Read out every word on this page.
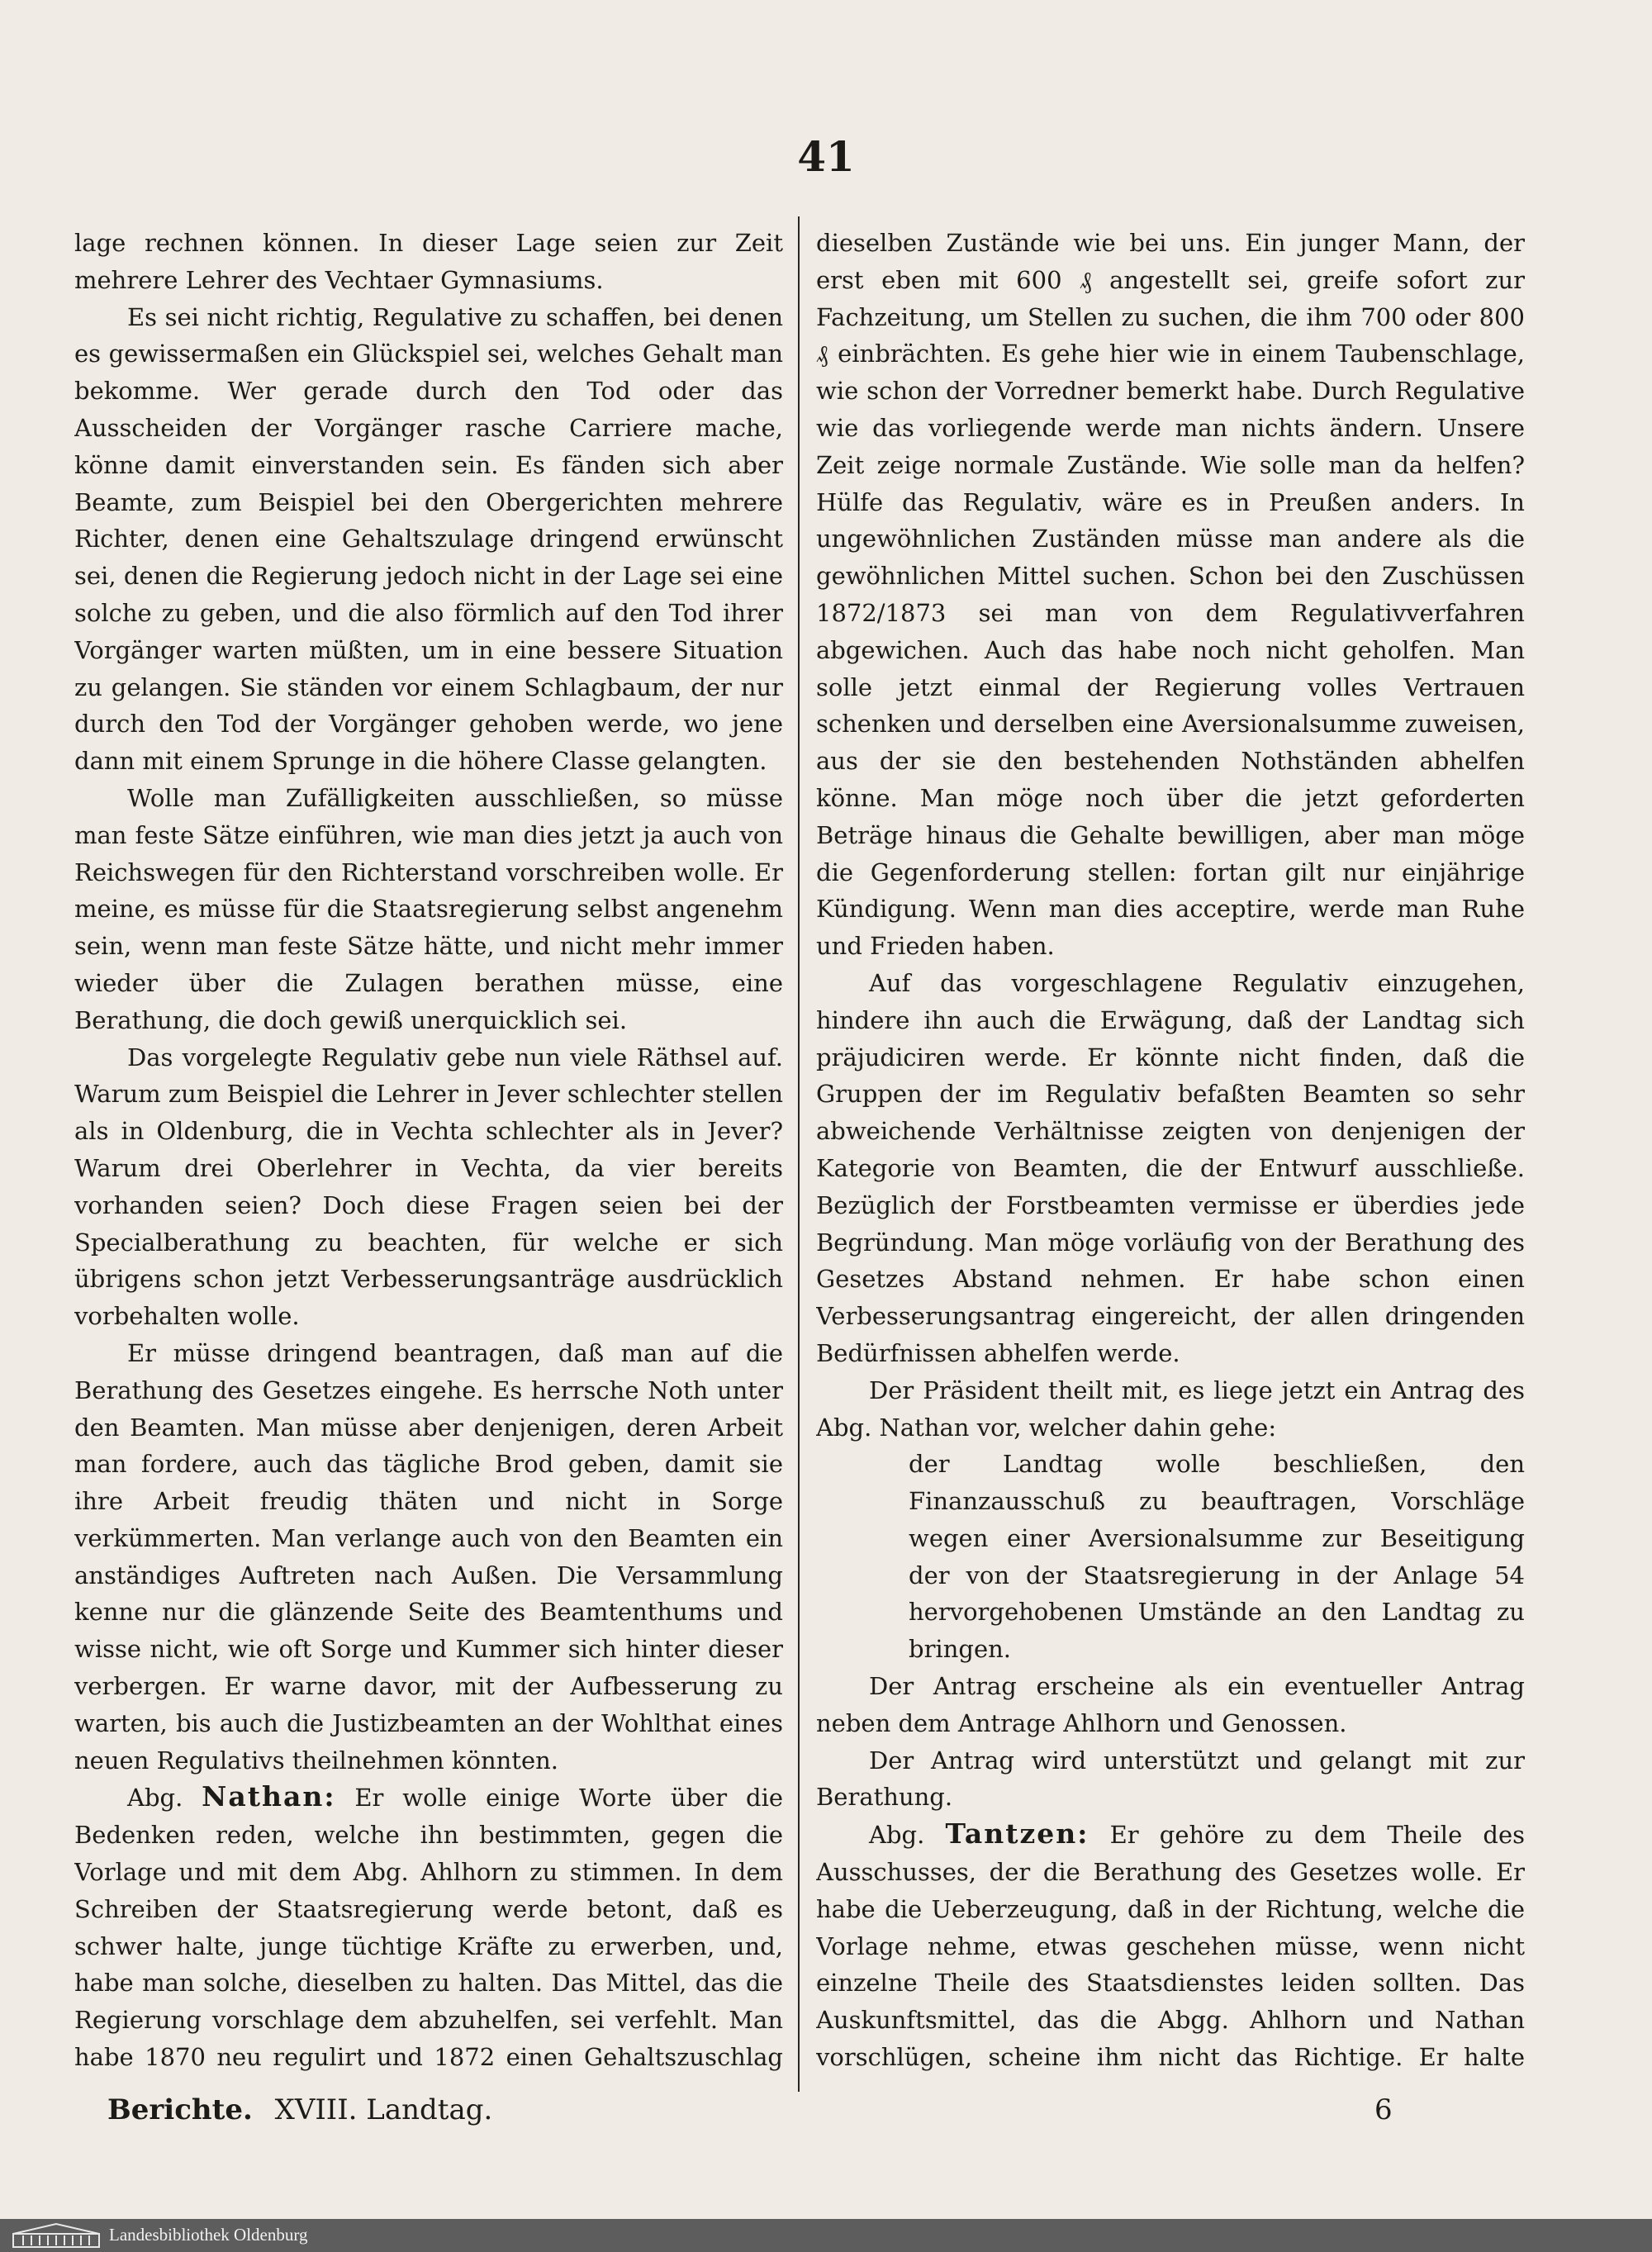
41

lage rechnen können. In dieser Lage seien zur Zeit mehrere Lehrer des Vechtaer Gymnasiums.

Es sei nicht richtig, Regulative zu schaffen, bei denen es gewissermaßen ein Glückspiel sei, welches Gehalt man bekomme. Wer gerade durch den Tod oder das Ausscheiden der Vorgänger rasche Carriere mache, könne damit einverstanden sein. Es fänden sich aber Beamte, zum Beispiel bei den Obergerichten mehrere Richter, denen eine Gehaltszulage dringend erwünscht sei, denen die Regierung jedoch nicht in der Lage sei eine solche zu geben, und die also förmlich auf den Tod ihrer Vorgänger warten müßten, um in eine bessere Situation zu gelangen. Sie ständen vor einem Schlagbaum, der nur durch den Tod der Vorgänger gehoben werde, wo jene dann mit einem Sprunge in die höhere Classe gelangten.

Wolle man Zufälligkeiten ausschließen, so müsse man feste Sätze einführen, wie man dies jetzt ja auch von Reichswegen für den Richterstand vorschreiben wolle. Er meine, es müsse für die Staatsregierung selbst angenehm sein, wenn man feste Sätze hätte, und nicht mehr immer wieder über die Zulagen berathen müsse, eine Berathung, die doch gewiß unerquicklich sei.

Das vorgelegte Regulativ gebe nun viele Räthsel auf. Warum zum Beispiel die Lehrer in Jever schlechter stellen als in Oldenburg, die in Vechta schlechter als in Jever? Warum drei Oberlehrer in Vechta, da vier bereits vorhanden seien? Doch diese Fragen seien bei der Specialberathung zu beachten, für welche er sich übrigens schon jetzt Verbesserungsanträge ausdrücklich vorbehalten wolle.

Er müsse dringend beantragen, daß man auf die Berathung des Gesetzes eingehe. Es herrsche Noth unter den Beamten. Man müsse aber denjenigen, deren Arbeit man fordere, auch das tägliche Brod geben, damit sie ihre Arbeit freudig thäten und nicht in Sorge verkümmerten. Man verlange auch von den Beamten ein anständiges Auftreten nach Außen. Die Versammlung kenne nur die glänzende Seite des Beamtenthums und wisse nicht, wie oft Sorge und Kummer sich hinter dieser verbergen. Er warne davor, mit der Aufbesserung zu warten, bis auch die Justizbeamten an der Wohlthat eines neuen Regulativs theilnehmen könnten.

Abg. Nathan: Er wolle einige Worte über die Bedenken reden, welche ihn bestimmten, gegen die Vorlage und mit dem Abg. Ahlhorn zu stimmen. In dem Schreiben der Staatsregierung werde betont, daß es schwer halte, junge tüchtige Kräfte zu erwerben, und, habe man solche, dieselben zu halten. Das Mittel, das die Regierung vorschlage dem abzuhelfen, sei verfehlt. Man habe 1870 neu regulirt und 1872 einen Gehaltszuschlag

dieselben Zustände wie bei uns. Ein junger Mann, der erst eben mit 600 ₰ angestellt sei, greife sofort zur Fachzeitung, um Stellen zu suchen, die ihm 700 oder 800 ₰ einbrächten. Es gehe hier wie in einem Taubenschlage, wie schon der Vorredner bemerkt habe. Durch Regulative wie das vorliegende werde man nichts ändern. Unsere Zeit zeige normale Zustände. Wie solle man da helfen? Hülfe das Regulativ, wäre es in Preußen anders. In ungewöhnlichen Zuständen müsse man andere als die gewöhnlichen Mittel suchen. Schon bei den Zuschüssen 1872/1873 sei man von dem Regulativverfahren abgewichen. Auch das habe noch nicht geholfen. Man solle jetzt einmal der Regierung volles Vertrauen schenken und derselben eine Aversionalsumme zuweisen, aus der sie den bestehenden Nothständen abhelfen könne. Man möge noch über die jetzt geforderten Beträge hinaus die Gehalte bewilligen, aber man möge die Gegenforderung stellen: fortan gilt nur einjährige Kündigung. Wenn man dies acceptire, werde man Ruhe und Frieden haben.

Auf das vorgeschlagene Regulativ einzugehen, hindere ihn auch die Erwägung, daß der Landtag sich präjudiciren werde. Er könnte nicht finden, daß die Gruppen der im Regulativ befaßten Beamten so sehr abweichende Verhältnisse zeigten von denjenigen der Kategorie von Beamten, die der Entwurf ausschließe. Bezüglich der Forstbeamten vermisse er überdies jede Begründung. Man möge vorläufig von der Berathung des Gesetzes Abstand nehmen. Er habe schon einen Verbesserungsantrag eingereicht, der allen dringenden Bedürfnissen abhelfen werde.

Der Präsident theilt mit, es liege jetzt ein Antrag des Abg. Nathan vor, welcher dahin gehe:

der Landtag wolle beschließen, den Finanzausschuß zu beauftragen, Vorschläge wegen einer Aversionalsumme zur Beseitigung der von der Staatsregierung in der Anlage 54 hervorgehobenen Umstände an den Landtag zu bringen.

Der Antrag erscheine als ein eventueller Antrag neben dem Antrage Ahlhorn und Genossen.

Der Antrag wird unterstützt und gelangt mit zur Berathung.

Abg. Tantzen: Er gehöre zu dem Theile des Ausschusses, der die Berathung des Gesetzes wolle. Er habe die Ueberzeugung, daß in der Richtung, welche die Vorlage nehme, etwas geschehen müsse, wenn nicht einzelne Theile des Staatsdienstes leiden sollten. Das Auskunftsmittel, das die Abgg. Ahlhorn und Nathan vorschlügen, scheine ihm nicht das Richtige. Er halte

Berichte. XVIII. Landtag.	6
Landesbibliothek Oldenburg
